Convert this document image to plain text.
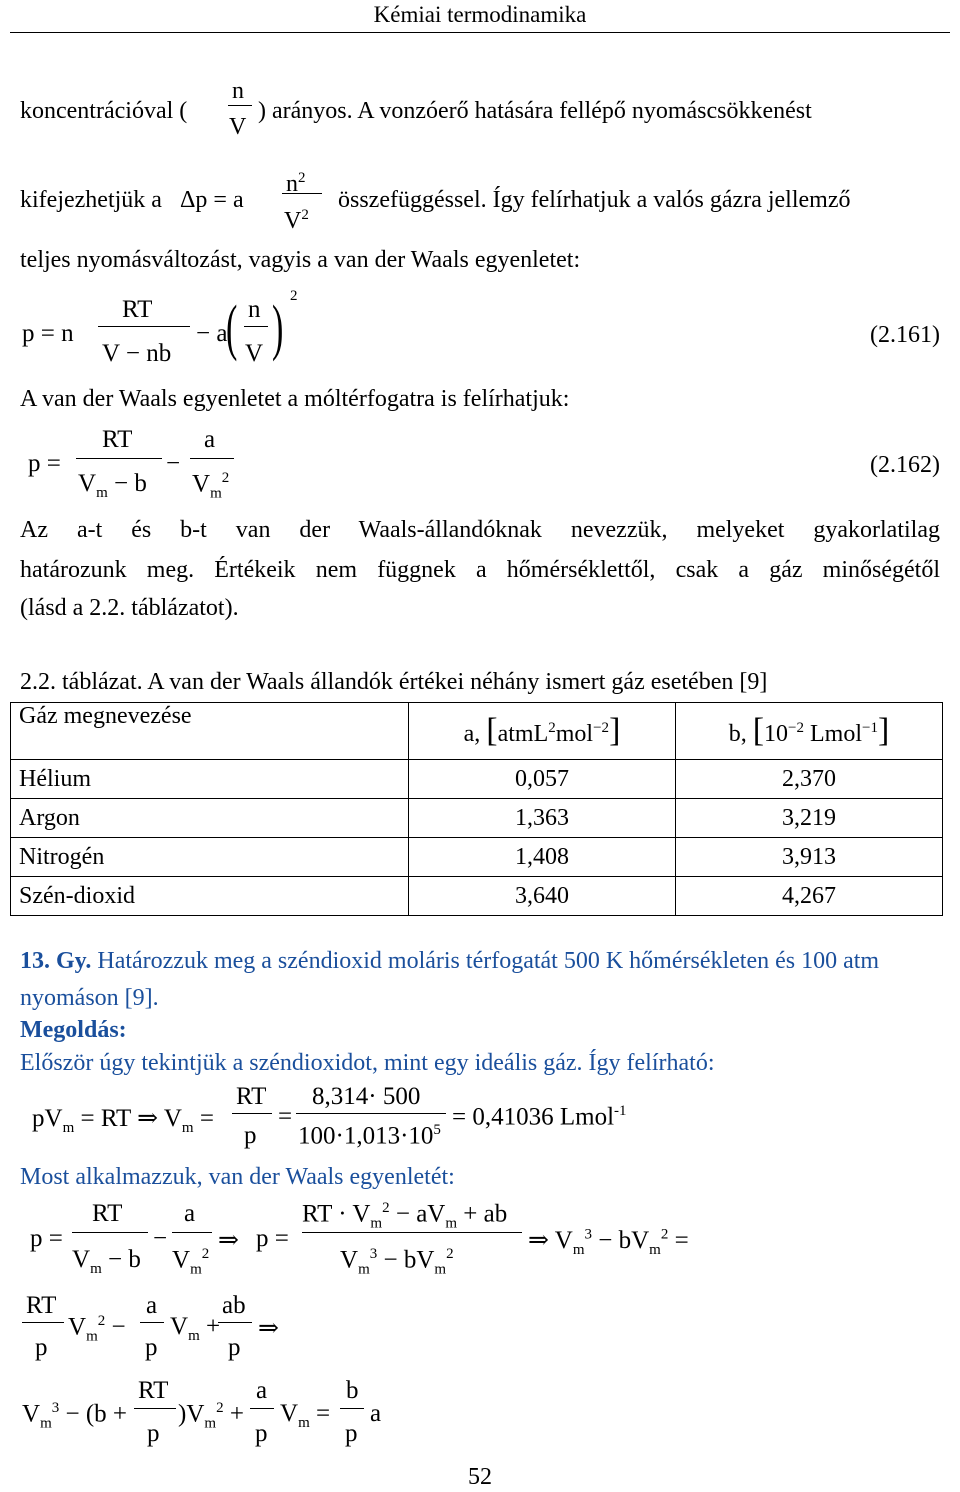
Kémiai termodinamika
koncentrációval (
n
V
) arányos. A vonzóerő hatására fellépő nyomáscsökkenést
kifejezhetjük a Δp = a
$n^2$
$V^2$
összefüggéssel. Így felírhatjuk a valós gázra jellemző
teljes nyomásváltozást, vagyis a van der Waals egyenletet:
p = n
RT
V − nb
− a
( n
V ) 2
(2.161)
A van der Waals egyenletet a móltérfogatra is felírhatjuk:
p =
RT
$V_m - b$
−
a
$V_m^2$	(2.162)
Az a-t és b-t van der Waals-állandóknak nevezzük, melyeket gyakorlatilag
határozunk meg. Értékeik nem függnek a hőmérséklettől, csak a gáz minőségétől
(lásd a 2.2. táblázatot).
2.2. táblázat. A van der Waals állandók értékei néhány ismert gáz esetében [9]
Gáz megnevezése	a, [atmL$^2$mol$^{-2}$]	b, [$10^{-2}$ Lmol$^{-1}$]
Hélium	0,057	2,370
Argon	1,363	3,219
Nitrogén	1,408	3,913
Szén-dioxid	3,640	4,267
13. Gy. Határozzuk meg a széndioxid moláris térfogatát 500 K hőmérsékleten és 100 atm
nyomáson [9].
Megoldás:
Először úgy tekintjük a széndioxidot, mint egy ideális gáz. Így felírható:
$pV_m$ = RT ⇒ $V_m$ =
RT
p
=
8,314· 500
$100\cdot 1,013\cdot 10^5 = 0,41036$ Lmol$^{-1}$
Most alkalmazzuk, van der Waals egyenletét:
p =
RT
$V_m - b$
−
a
$V_m^2$ ⇒ p =
RT · $V_m^2 - aV_m$ + ab
$V_m^3 - bV_m^2$	⇒ $V_m^3 - bV_m^2$ =
RT
p
$V_m^2$ −
a
p
$V_m$ +
ab
p
⇒
$V_m^3 - (b$ +
RT
p
)$V_m^2$ +
a
p
$V_m$ =
b
p
a
52
